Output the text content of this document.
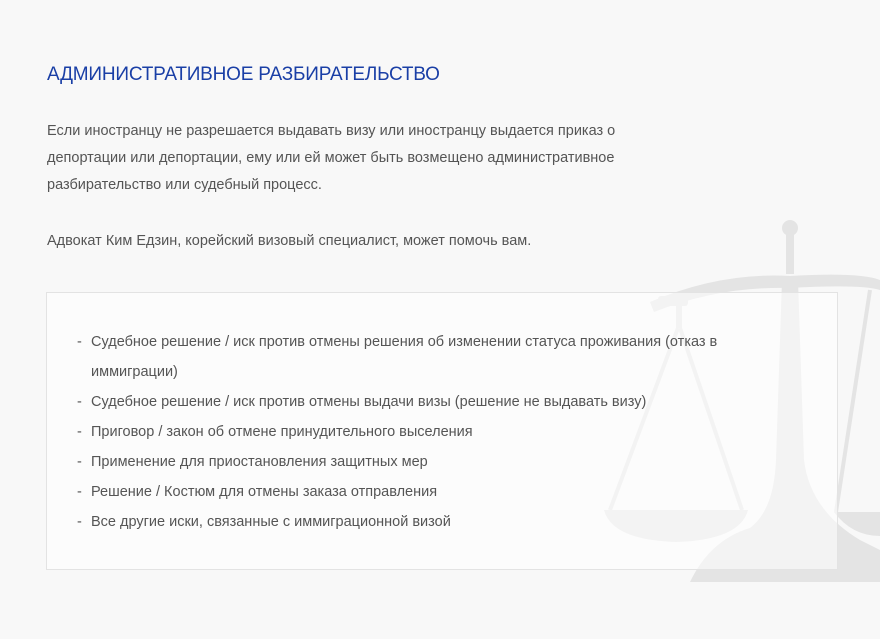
АДМИНИСТРАТИВНОЕ РАЗБИРАТЕЛЬСТВО

Если иностранцу не разрешается выдавать визу или иностранцу выдается приказ о депортации или депортации, ему или ей может быть возмещено административное разбирательство или судебный процесс.

Адвокат Ким Едзин, корейский визовый специалист, может помочь вам.

- Судебное решение / иск против отмены решения об изменении статуса проживания (отказ в иммиграции)
- Судебное решение / иск против отмены выдачи визы (решение не выдавать визу)
- Приговор / закон об отмене принудительного выселения
- Применение для приостановления защитных мер
- Решение / Костюм для отмены заказа отправления
- Все другие иски, связанные с иммиграционной визой
